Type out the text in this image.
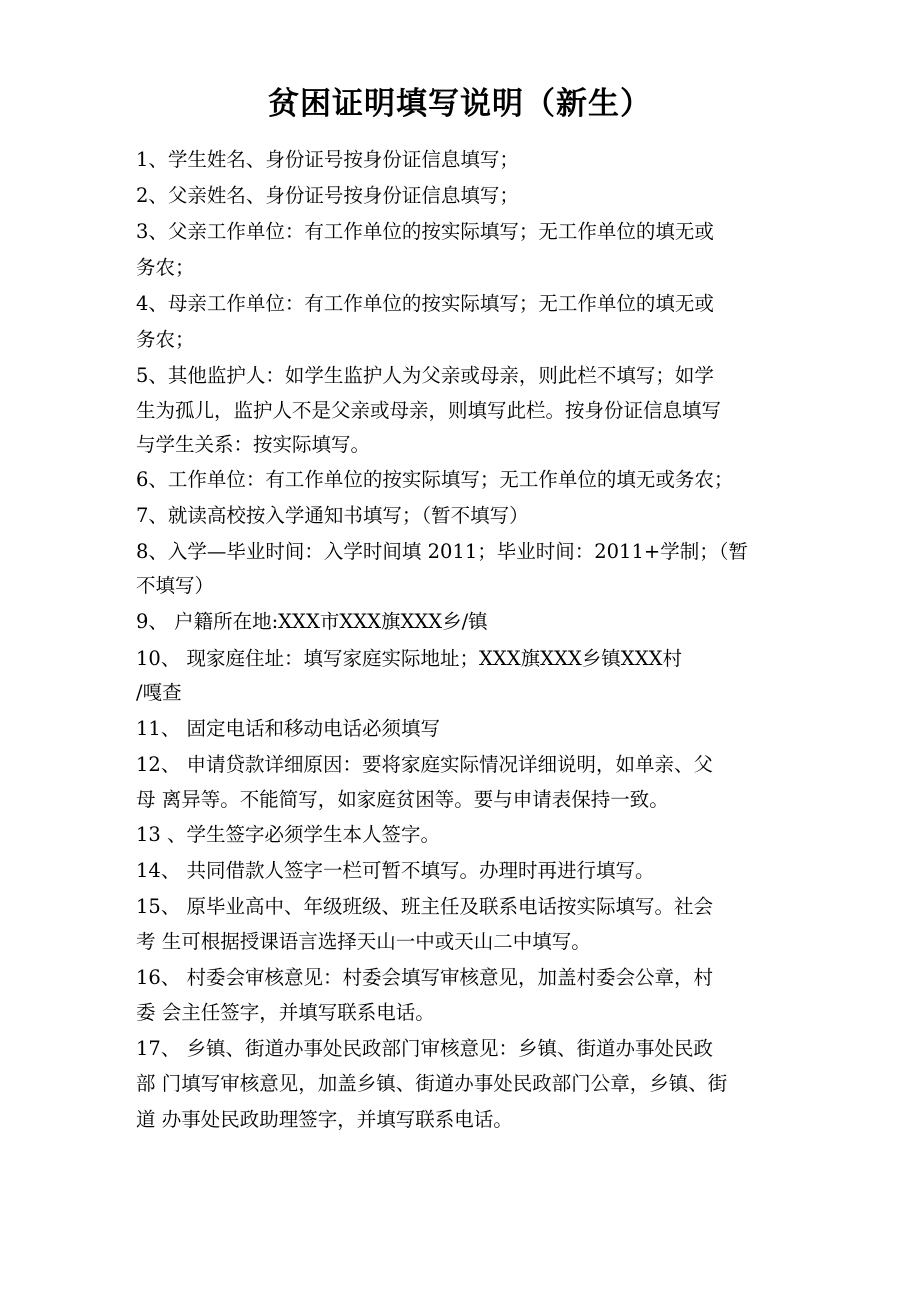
贫困证明填写说明（新生）
1、学生姓名、身份证号按身份证信息填写；
2、父亲姓名、身份证号按身份证信息填写；
3、父亲工作单位：有工作单位的按实际填写；无工作单位的填无或
务农；
4、母亲工作单位：有工作单位的按实际填写；无工作单位的填无或
务农；
5、其他监护人：如学生监护人为父亲或母亲，则此栏不填写；如学
生为孤儿，监护人不是父亲或母亲，则填写此栏。按身份证信息填写
与学生关系：按实际填写。
6、工作单位：有工作单位的按实际填写；无工作单位的填无或务农；
7、就读高校按入学通知书填写；（暂不填写）
8、入学—毕业时间：入学时间填 2011；毕业时间：2011+学制；（暂
不填写）
9、 户籍所在地:XXX市XXX旗XXX乡/镇
10、 现家庭住址：填写家庭实际地址；XXX旗XXX乡镇XXX村
/嘎查
11、 固定电话和移动电话必须填写
12、 申请贷款详细原因：要将家庭实际情况详细说明，如单亲、父
母 离异等。不能简写，如家庭贫困等。要与申请表保持一致。
13 、学生签字必须学生本人签字。
14、 共同借款人签字一栏可暂不填写。办理时再进行填写。
15、 原毕业高中、年级班级、班主任及联系电话按实际填写。社会
考 生可根据授课语言选择天山一中或天山二中填写。
16、 村委会审核意见：村委会填写审核意见，加盖村委会公章，村
委 会主任签字，并填写联系电话。
17、 乡镇、街道办事处民政部门审核意见：乡镇、街道办事处民政
部 门填写审核意见，加盖乡镇、街道办事处民政部门公章，乡镇、街
道 办事处民政助理签字，并填写联系电话。
